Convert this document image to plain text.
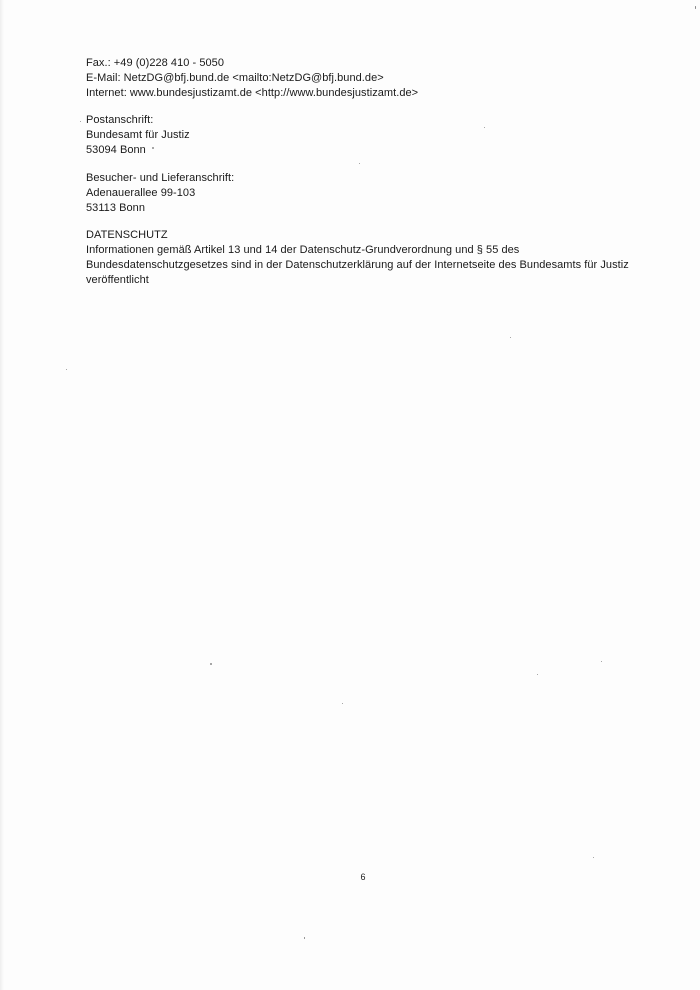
Fax.: +49 (0)228 410 - 5050
E-Mail: NetzDG@bfj.bund.de <mailto:NetzDG@bfj.bund.de>
Internet: www.bundesjustizamt.de <http://www.bundesjustizamt.de>
Postanschrift:
Bundesamt für Justiz
53094 Bonn
Besucher- und Lieferanschrift:
Adenauerallee 99-103
53113 Bonn
DATENSCHUTZ
Informationen gemäß Artikel 13 und 14 der Datenschutz-Grundverordnung und § 55 des
Bundesdatenschutzgesetzes sind in der Datenschutzerklärung auf der Internetseite des Bundesamts für Justiz
veröffentlicht
6
